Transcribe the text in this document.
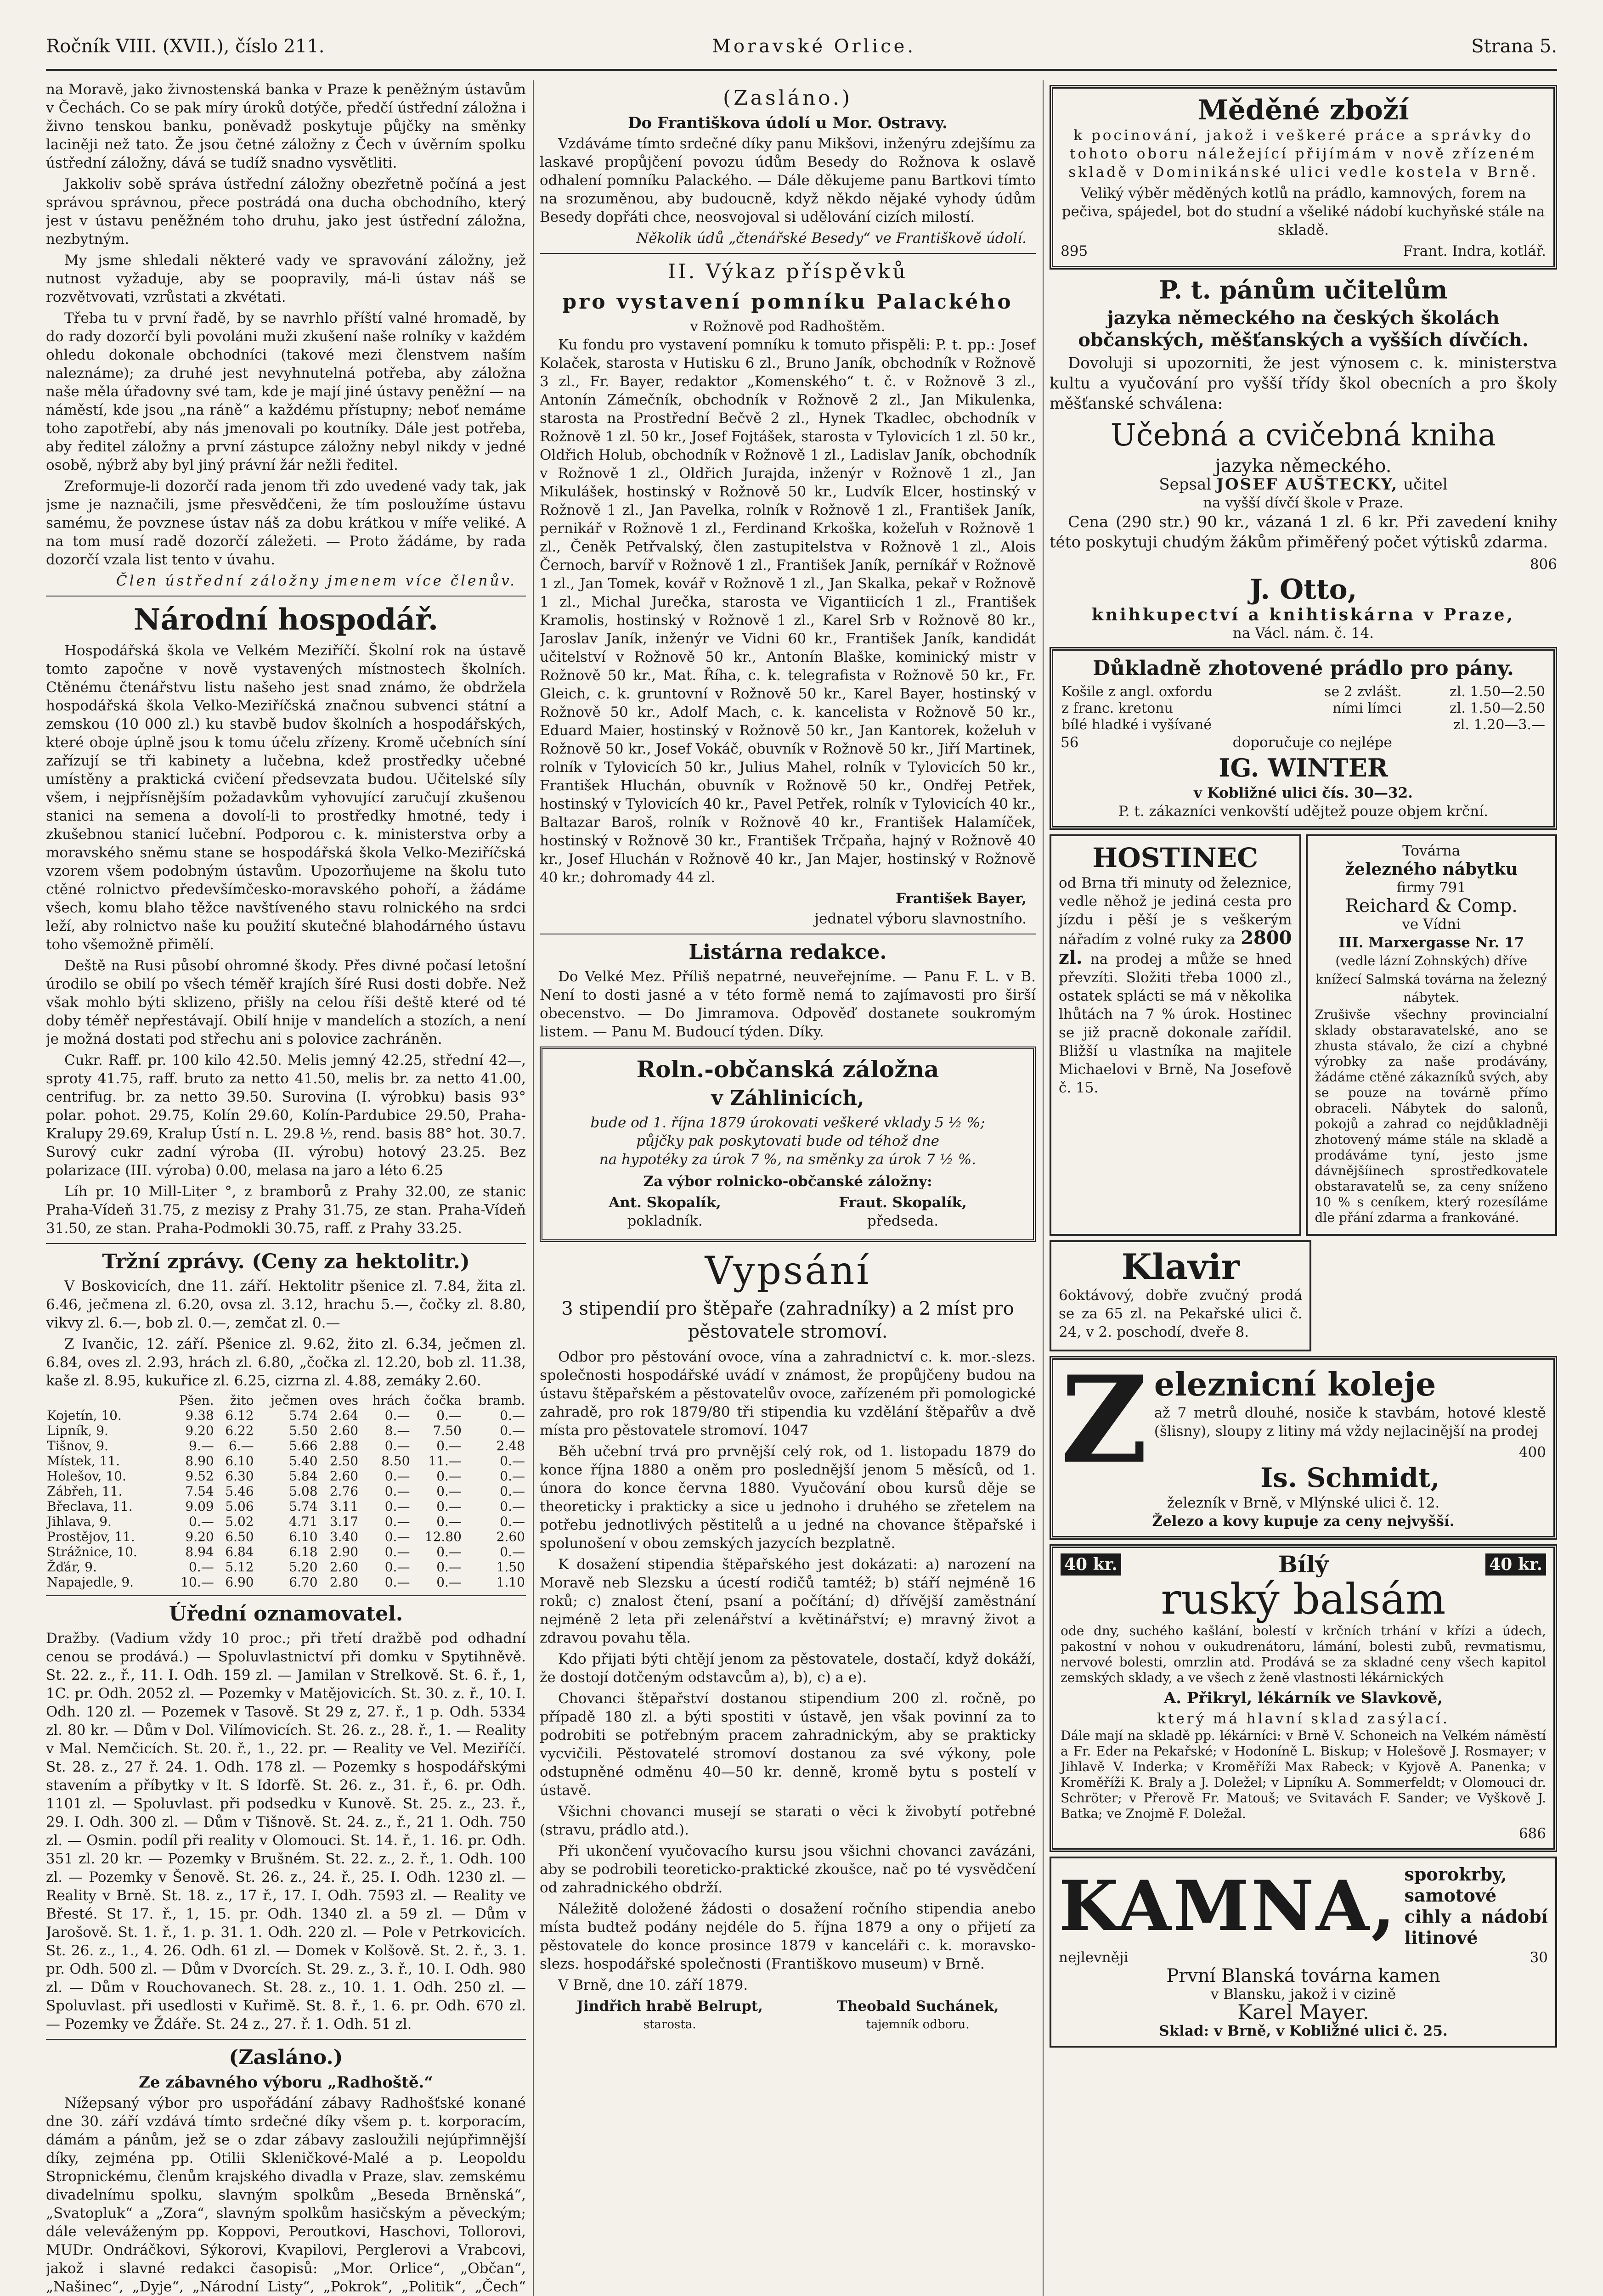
Ročník VIII. (XVII.), číslo 211.	Moravské Orlice.	Strana 5.

na Moravě, jako živnostenská banka v Praze k peněžným ústavům v Čechách. Co se pak míry úroků dotýče, předčí ústřední záložna i živno tenskou banku, poněvadž poskytuje půjčky na směnky laciněji než tato. Že jsou četné záložny z Čech v úvěrním spolku ústřední záložny, dává se tudíž snadno vysvětliti.

Jakkoliv sobě správa ústřední záložny obezřetně počíná a jest správou správnou, přece postrádá ona ducha obchodního, který jest v ústavu peněžném toho druhu, jako jest ústřední záložna, nezbytným.

My jsme shledali některé vady ve spravování záložny, jež nutnost vyžaduje, aby se poopravily, má-li ústav náš se rozvětvovati, vzrůstati a zkvétati.

Třeba tu v první řadě, by se navrhlo příští valné hromadě, by do rady dozorčí byli povoláni muži zkušení naše rolníky v každém ohledu dokonale obchodníci (takové mezi členstvem naším naleznáme); za druhé jest nevyhnutelná potřeba, aby záložna naše měla úřadovny své tam, kde je mají jiné ústavy peněžní — na náměstí, kde jsou „na ráně“ a každému přístupny; neboť nemáme toho zapotřebí, aby nás jmenovali po koutníky. Dále jest potřeba, aby ředitel záložny a první zástupce záložny nebyl nikdy v jedné osobě, nýbrž aby byl jiný právní žár nežli ředitel.

Zreformuje-li dozorčí rada jenom tři zdo uvedené vady tak, jak jsme je naznačili, jsme přesvědčeni, že tím posloužíme ústavu samému, že povznese ústav náš za dobu krátkou v míře veliké. A na tom musí radě dozorčí záležeti. — Proto žádáme, by rada dozorčí vzala list tento v úvahu.

Člen ústřední záložny jmenem více členův.

Národní hospodář.

Hospodářská škola ve Velkém Meziříčí. Školní rok na ústavě tomto započne v nově vystavených místnostech školních. Ctěnému čtenářstvu listu našeho jest snad známo, že obdržela hospodářská škola Velko-Meziříčská značnou subvenci státní a zemskou (10 000 zl.) ku stavbě budov školních a hospodářských, které oboje úplně jsou k tomu účelu zřízeny. Kromě učebních síní zařízují se tři kabinety a lučebna, kdež prostředky učebné umístěny a praktická cvičení předsevzata budou. Učitelské síly všem, i nejpřísnějším požadavkům vyhovující zaručují zkušenou stanici na semena a dovolí-li to prostředky hmotné, tedy i zkušebnou stanicí lučební. Podporou c. k. ministerstva orby a moravského sněmu stane se hospodářská škola Velko-Meziříčská vzorem všem podobným ústavům. Upozorňujeme na školu tuto ctěné rolnictvo předevšímčesko-moravského pohoří, a žádáme všech, komu blaho těžce navštíveného stavu rolnického na srdci leží, aby rolnictvo naše ku použití skutečné blahodárného ústavu toho všemožně přimělí.

Deště na Rusi působí ohromné škody. Přes divné počasí letošní úrodilo se obilí po všech téměř krajích šíré Rusi dosti dobře. Než však mohlo býti sklizeno, přišly na celou říši deště které od té doby téměř nepřestávají. Obilí hnije v mandelích a stozích, a není je možná dostati pod střechu ani s polovice zachráněn.

Cukr. Raff. pr. 100 kilo 42.50. Melis jemný 42.25, střední 42—, sproty 41.75, raff. bruto za netto 41.50, melis br. za netto 41.00, centrifug. br. za netto 39.50. Surovina (I. výrobku) basis 93° polar. pohot. 29.75, Kolín 29.60, Kolín-Pardubice 29.50, Praha-Kralupy 29.69, Kralup Ústí n. L. 29.8 ½, rend. basis 88° hot. 30.7. Surový cukr zadní výroba (II. výrobu) hotový 23.25. Bez polarizace (III. výroba) 0.00, melasa na jaro a léto 6.25

Líh pr. 10 Mill-Liter °, z bramborů z Prahy 32.00, ze stanic Praha-Vídeň 31.75, z mezisy z Prahy 31.75, ze stan. Praha-Vídeň 31.50, ze stan. Praha-Podmokli 30.75, raff. z Prahy 33.25.

Tržní zprávy. (Ceny za hektolitr.)

V Boskovicích, dne 11. září. Hektolitr pšenice zl. 7.84, žita zl. 6.46, ječmena zl. 6.20, ovsa zl. 3.12, hrachu 5.—, čočky zl. 8.80, vikvy zl. 6.—, bob zl. 0.—, zemčat zl. 0.—

Z Ivančic, 12. září. Pšenice zl. 9.62, žito zl. 6.34, ječmen zl. 6.84, oves zl. 2.93, hrách zl. 6.80, „čočka zl. 12.20, bob zl. 11.38, kaše zl. 8.95, kukuřice zl. 6.25, cizrna zl. 4.88, zemáky 2.60.

	Pšen.	žito	ječmen	oves	hrách	čočka	bramb.
Kojetín, 10.	9.38	6.12	5.74	2.64	0.—	0.—	0.—
Lipník, 9.	9.20	6.22	5.50	2.60	8.—	7.50	0.—
Tišnov, 9.	9.—	6.—	5.66	2.88	0.—	0.—	2.48
Místek, 11.	8.90	6.10	5.40	2.50	8.50	11.—	0.—
Holešov, 10.	9.52	6.30	5.84	2.60	0.—	0.—	0.—
Zábřeh, 11.	7.54	5.46	5.08	2.76	0.—	0.—	0.—
Břeclava, 11.	9.09	5.06	5.74	3.11	0.—	0.—	0.—
Jihlava, 9.	0.—	5.02	4.71	3.17	0.—	0.—	0.—
Prostějov, 11.	9.20	6.50	6.10	3.40	0.—	12.80	2.60
Strážnice, 10.	8.94	6.84	6.18	2.90	0.—	0.—	0.—
Žďár, 9.	0.—	5.12	5.20	2.60	0.—	0.—	1.50
Napajedle, 9.	10.—	6.90	6.70	2.80	0.—	0.—	1.10
Úřední oznamovatel.

Dražby. (Vadium vždy 10 proc.; při třetí dražbě pod odhadní cenou se prodává.) — Spoluvlastnictví při domku v Spytihněvě. St. 22. z., ř., 11. I. Odh. 159 zl. — Jamilan v Strelkově. St. 6. ř., 1, 1C. pr. Odh. 2052 zl. — Pozemky v Matějovicích. St. 30. z. ř., 10. I. Odh. 120 zl. — Pozemek v Tasově. St 29 z, 27. ř., 1 p. Odh. 5334 zl. 80 kr. — Dům v Dol. Vilímovicích. St. 26. z., 28. ř., 1. — Reality v Mal. Nemčicích. St. 20. ř., 1., 22. pr. — Reality ve Vel. Meziříčí. St. 28. z., 27 ř. 24. 1. Odh. 178 zl. — Pozemky s hospodářskými stavením a příbytky v It. S Idorfě. St. 26. z., 31. ř., 6. pr. Odh. 1101 zl. — Spoluvlast. při podsedku v Kunově. St. 25. z., 23. ř., 29. I. Odh. 300 zl. — Dům v Tišnově. St. 24. z., ř., 21 1. Odh. 750 zl. — Osmin. podíl při reality v Olomouci. St. 14. ř., 1. 16. pr. Odh. 351 zl. 20 kr. — Pozemky v Brušném. St. 22. z., 2. ř., 1. Odh. 100 zl. — Pozemky v Šenově. St. 26. z., 24. ř., 25. I. Odh. 1230 zl. — Reality v Brně. St. 18. z., 17 ř., 17. I. Odh. 7593 zl. — Reality ve Břesté. St 17. ř., 1, 15. pr. Odh. 1340 zl. a 59 zl. — Dům v Jarošově. St. 1. ř., 1. p. 31. 1. Odh. 220 zl. — Pole v Petrkovicích. St. 26. z., 1., 4. 26. Odh. 61 zl. — Domek v Kolšově. St. 2. ř., 3. 1. pr. Odh. 500 zl. — Dům v Dvorcích. St. 29. z., 3. ř., 10. I. Odh. 980 zl. — Dům v Rouchovanech. St. 28. z., 10. 1. 1. Odh. 250 zl. — Spoluvlast. při usedlosti v Kuřimě. St. 8. ř., 1. 6. pr. Odh. 670 zl. — Pozemky ve Ždáře. St. 24 z., 27. ř. 1. Odh. 51 zl.

(Zasláno.)
Ze zábavného výboru „Radhoště.“

Nížepsaný výbor pro uspořádání zábavy Radhošťské konané dne 30. září vzdává tímto srdečné díky všem p. t. korporacím, dámám a pánům, jež se o zdar zábavy zasloužili nejúpřimnější díky, zejména pp. Otilii Skleničkové-Malé a p. Leopoldu Stropnickému, členům krajského divadla v Praze, slav. zemskému divadelnímu spolku, slavným spolkům „Beseda Brněnská“, „Svatopluk“ a „Zora“, slavným spolkům hasičským a pěveckým; dále veleváženým pp. Koppovi, Peroutkovi, Haschovi, Tollorovi, MUDr. Ondráčkovi, Sýkorovi, Kvapilovi, Perglerovi a Vrabcovi, jakož i slavné redakci časopisů: „Mor. Orlice“, „Občan“, „Našinec“, „Dyje“, „Národní Listy“, „Pokrok“, „Politik“, „Čech“

(Zasláno.)
Do Františkova údolí u Mor. Ostravy.

Vzdáváme tímto srdečné díky panu Mikšovi, inženýru zdejšímu za laskavé propůjčení povozu údům Besedy do Rožnova k oslavě odhalení pomníku Palackého. — Dále děkujeme panu Bartkovi tímto na srozuměnou, aby budoucně, když někdo nějaké vyhody údům Besedy dopřáti chce, neosvojoval si udělování cizích milostí.

Několik údů „čtenářské Besedy“ ve Františkově údolí.

II. Výkaz příspěvků
pro vystavení pomníku Palackého
v Rožnově pod Radhoštěm.

Ku fondu pro vystavení pomníku k tomuto přispěli: P. t. pp.: Josef Kolaček, starosta v Hutisku 6 zl., Bruno Janík, obchodník v Rožnově 3 zl., Fr. Bayer, redaktor „Komenského“ t. č. v Rožnově 3 zl., Antonín Zámečník, obchodník v Rožnově 2 zl., Jan Mikulenka, starosta na Prostřední Bečvě 2 zl., Hynek Tkadlec, obchodník v Rožnově 1 zl. 50 kr., Josef Fojtášek, starosta v Tylovicích 1 zl. 50 kr., Oldřich Holub, obchodník v Rožnově 1 zl., Ladislav Janík, obchodník v Rožnově 1 zl., Oldřich Jurajda, inženýr v Rožnově 1 zl., Jan Mikulášek, hostinský v Rožnově 50 kr., Ludvík Elcer, hostinský v Rožnově 1 zl., Jan Pavelka, rolník v Rožnově 1 zl., František Janík, pernikář v Rožnově 1 zl., Ferdinand Krkoška, kožeľuh v Rožnově 1 zl., Čeněk Petřvalský, člen zastupitelstva v Rožnově 1 zl., Alois Černoch, barvíř v Rožnově 1 zl., František Janík, perníkář v Rožnově 1 zl., Jan Tomek, kovář v Rožnově 1 zl., Jan Skalka, pekař v Rožnově 1 zl., Michal Jurečka, starosta ve Vigantiicích 1 zl., František Kramolis, hostinský v Rožnově 1 zl., Karel Srb v Rožnově 80 kr., Jaroslav Janík, inženýr ve Vidni 60 kr., František Janík, kandidát učitelství v Rožnově 50 kr., Antonín Blaške, kominický mistr v Rožnově 50 kr., Mat. Říha, c. k. telegrafista v Rožnově 50 kr., Fr. Gleich, c. k. gruntovní v Rožnově 50 kr., Karel Bayer, hostinský v Rožnově 50 kr., Adolf Mach, c. k. kancelista v Rožnově 50 kr., Eduard Maier, hostinský v Rožnově 50 kr., Jan Kantorek, koželuh v Rožnově 50 kr., Josef Vokáč, obuvník v Rožnově 50 kr., Jiří Martinek, rolník v Tylovicích 50 kr., Julius Mahel, rolník v Tylovicích 50 kr., František Hluchán, obuvník v Rožnově 50 kr., Ondřej Petřek, hostinský v Tylovicích 40 kr., Pavel Petřek, rolník v Tylovicích 40 kr., Baltazar Baroš, rolník v Rožnově 40 kr., František Halamíček, hostinský v Rožnově 30 kr., František Trčpaňa, hajný v Rožnově 40 kr., Josef Hluchán v Rožnově 40 kr., Jan Majer, hostinský v Rožnově 40 kr.; dohromady 44 zl.

František Bayer,

jednatel výboru slavnostního.

Listárna redakce.

Do Velké Mez. Příliš nepatrné, neuveřejníme. — Panu F. L. v B. Není to dosti jasné a v této formě nemá to zajímavosti pro širší obecenstvo. — Do Jimramova. Odpověď dostanete soukromým listem. — Panu M. Budoucí týden. Díky.

Roln.-občanská záložna
v Záhlinicích,
bude od 1. října 1879 úrokovati veškeré vklady 5 ½ %;
půjčky pak poskytovati bude od téhož dne
na hypotéky za úrok 7 %, na směnky za úrok 7 ½ %.
Za výbor rolnicko-občanské záložny:
Ant. Skopalík,
pokladník.
Fraut. Skopalík,
předseda.
Vypsání
3 stipendií pro štěpaře (zahradníky) a 2 míst pro pěstovatele stromoví.

Odbor pro pěstování ovoce, vína a zahradnictví c. k. mor.-slezs. společnosti hospodářské uvádí v známost, že propůjčeny budou na ústavu štěpařském a pěstovatelův ovoce, zařízeném při pomologické zahradě, pro rok 1879/80 tři stipendia ku vzdělání štěpařův a dvě místa pro pěstovatele stromoví. 1047

Běh učební trvá pro prvnější celý rok, od 1. listopadu 1879 do konce října 1880 a oněm pro poslednější jenom 5 měsíců, od 1. února do konce června 1880. Vyučování obou kursů děje se theoreticky i prakticky a sice u jednoho i druhého se zřetelem na potřebu jednotlivých pěstitelů a u jedné na chovance štěpařské i spolunošení v obou zemských jazycích bezplatně.

K dosažení stipendia štěpařského jest dokázati: a) narození na Moravě neb Slezsku a úcestí rodičů tamtéž; b) stáří nejméně 16 roků; c) znalost čtení, psaní a počítání; d) dřívější zaměstnání nejméně 2 leta při zelenářství a květinářství; e) mravný život a zdravou povahu těla.

Kdo přijati býti chtějí jenom za pěstovatele, dostačí, když dokáží, že dostojí dotčeným odstavcům a), b), c) a e).

Chovanci štěpařství dostanou stipendium 200 zl. ročně, po případě 180 zl. a býti spostiti v ústavě, jen však povinní za to podrobiti se potřebným pracem zahradnickým, aby se prakticky vycvičili. Pěstovatelé stromoví dostanou za své výkony, pole odstupněné odměnu 40—50 kr. denně, kromě bytu s postelí v ústavě.

Všichni chovanci musejí se starati o věci k živobytí potřebné (stravu, prádlo atd.).

Při ukončení vyučovacího kursu jsou všichni chovanci zavázáni, aby se podrobili teoreticko-praktické zkoušce, nač po té vysvědčení od zahradnického obdrží.

Náležitě doložené žádosti o dosažení ročního stipendia anebo místa budtež podány nejdéle do 5. října 1879 a ony o přijetí za pěstovatele do konce prosince 1879 v kanceláři c. k. moravsko-slezs. hospodářské společnosti (Františkovo museum) v Brně.

V Brně, dne 10. září 1879.

Jindřich hrabě Belrupt,
starosta.
Theobald Suchánek,
tajemník odboru.
Měděné zboží

k pocinování, jakož i veškeré práce a správky do tohoto oboru náležející přijímám v nově zřízeném skladě v Dominikánské ulici vedle kostela v Brně.

Veliký výběr měděných kotlů na prádlo, kamnových, forem na pečiva, spájedel, bot do studní a všeliké nádobí kuchyňské stále na skladě.

895	Frant. Indra, kotlář.
P. t. pánům učitelům
jazyka německého na českých školách občanských, měšťanských a vyšších dívčích.

Dovoluji si upozorniti, že jest výnosem c. k. ministerstva kultu a vyučování pro vyšší třídy škol obecních a pro školy měšťanské schválena:

Učebná a cvičebná kniha
jazyka německého.
Sepsal JOSEF AUŠTECKY, učitel
na vyšší dívčí škole v Praze.

Cena (290 str.) 90 kr., vázaná 1 zl. 6 kr. Při zavedení knihy této poskytuji chudým žákům přiměřený počet výtisků zdarma.

806
J. Otto,
knihkupectví a knihtiskárna v Praze,
na Václ. nám. č. 14.
Důkladně zhotovené prádlo pro pány.
Košile z angl. oxfordu	se 2 zvlášt.	zl. 1.50—2.50
z franc. kretonu	ními límci	zl. 1.50—2.50
bílé hladké i vyšívané		zl. 1.20—3.—
56	doporučuje co nejlépe
IG. WINTER
v Kobližné ulici čís. 30—32.
P. t. zákazníci venkovští udějtež pouze objem krční.
HOSTINEC
od Brna tři minuty od železnice, vedle něhož je jediná cesta pro jízdu i pěší je s veškerým nářadím z volné ruky za 2800 zl. na prodej a může se hned převzíti. Složiti třeba 1000 zl., ostatek splácti se má v několika lhůtách na 7 % úrok. Hostinec se již pracně dokonale zařídil. Bližší u vlastníka na majitele Michaelovi v Brně, Na Josefově č. 15.
Továrna
železného nábytku
firmy 791
Reichard & Comp.
ve Vídni
III. Marxergasse Nr. 17
(vedle lázní Zohnských) dříve knížecí Salmská továrna na železný nábytek.

Zrušivše všechny provincialní sklady obstaravatelské, ano se zhusta stávalo, že cizí a chybné výrobky za naše prodávány, žádáme ctěné zákazníků svých, aby se pouze na továrně přímo obraceli. Nábytek do salonů, pokojů a zahrad co nejdůkladněji zhotovený máme stále na skladě a prodáváme tyní, jesto jsme dávnějšíinech sprostředkovatele obstaravatelů se, za ceny sníženo 10 % s ceníkem, který rozesíláme dle přání zdarma a frankováné.

Klavir

6oktávový, dobře zvučný prodá se za 65 zl. na Pekařské ulici č. 24, v 2. poschodí, dveře 8.

Z eleznicní koleje

až 7 metrů dlouhé, nosiče k stavbám, hotové klestě (šlisny), sloupy z litiny má vždy nejlacinější na prodej

400
Is. Schmidt,
železník v Brně, v Mlýnské ulici č. 12.
Železo a kovy kupuje za ceny nejvyšší.
40 kr.	Bílý	40 kr.
ruský balsám

ode dny, suchého kašlání, bolestí v krčních trhání v křízi a údech, pakostní v nohou v oukudrenátoru, lámání, bolesti zubů, revmatismu, nervové bolesti, omrzlin atd. Prodává se za skladné ceny všech kapitol zemských sklady, a ve všech z ženě vlastnosti lékárnických

A. Přikryl, lékárník ve Slavkově,
který má hlavní sklad zasýlací.

Dále mají na skladě pp. lékárníci: v Brně V. Schoneich na Velkém náměstí a Fr. Eder na Pekařské; v Hodoníně L. Biskup; v Holešově J. Rosmayer; v Jihlavě V. Inderka; v Kroměříži Max Rabeck; v Kyjově A. Panenka; v Kroměříži K. Braly a J. Doležel; v Lipníku A. Sommerfeldt; v Olomouci dr. Schröter; v Přerově Fr. Matouš; ve Svitavách F. Sander; ve Vyškově J. Batka; ve Znojmě F. Doležal.

686
KAMNA, sporokrby, samotové cihly a nádobí litinové
nejlevněji	30
První Blanská továrna kamen
v Blansku, jakož i v cizině
Karel Mayer.
Sklad: v Brně, v Kobližné ulici č. 25.
